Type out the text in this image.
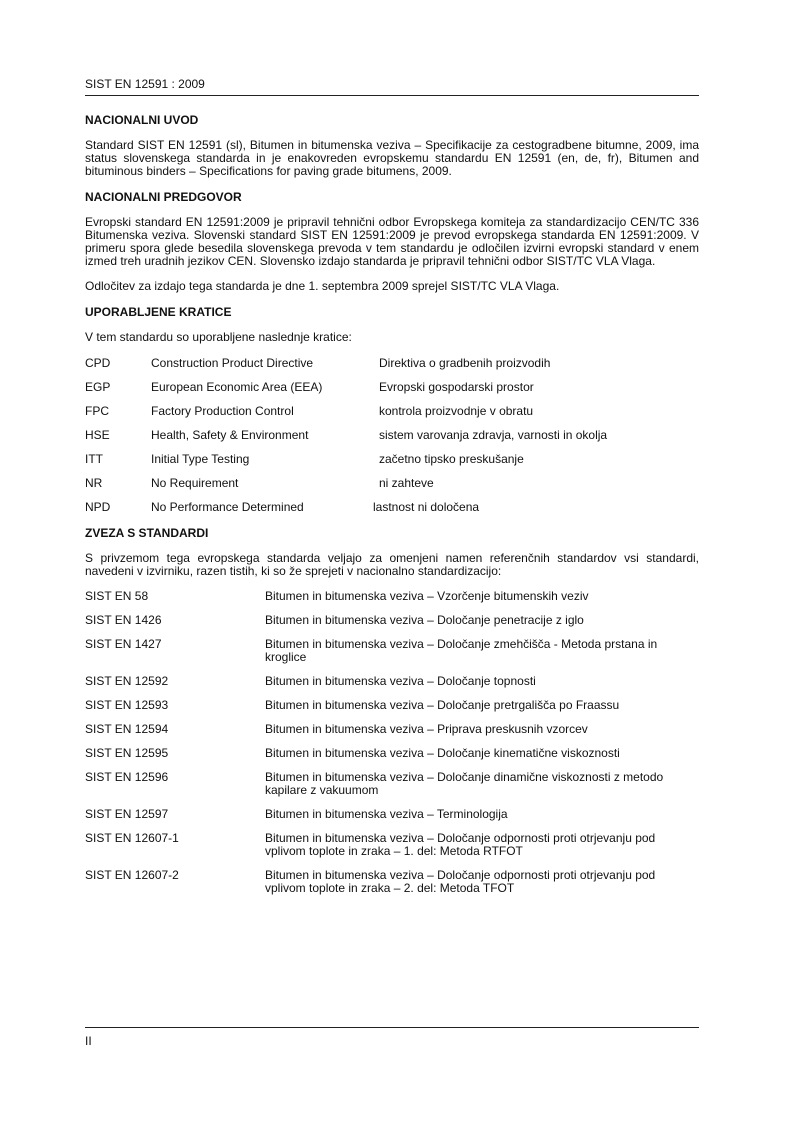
SIST EN 12591 : 2009
NACIONALNI UVOD

Standard SIST EN 12591 (sl), Bitumen in bitumenska veziva – Specifikacije za cestogradbene bitumne, 2009, ima status slovenskega standarda in je enakovreden evropskemu standardu EN 12591 (en, de, fr), Bitumen and bituminous binders – Specifications for paving grade bitumens, 2009.

NACIONALNI PREDGOVOR

Evropski standard EN 12591:2009 je pripravil tehnični odbor Evropskega komiteja za standardizacijo CEN/TC 336 Bitumenska veziva. Slovenski standard SIST EN 12591:2009 je prevod evropskega standarda EN 12591:2009. V primeru spora glede besedila slovenskega prevoda v tem standardu je odločilen izvirni evropski standard v enem izmed treh uradnih jezikov CEN. Slovensko izdajo standarda je pripravil tehnični odbor SIST/TC VLA Vlaga.

Odločitev za izdajo tega standarda je dne 1. septembra 2009 sprejel SIST/TC VLA Vlaga.

UPORABLJENE KRATICE

V tem standardu so uporabljene naslednje kratice:

CPD	Construction Product Directive	Direktiva o gradbenih proizvodih
EGP	European Economic Area (EEA)	Evropski gospodarski prostor
FPC	Factory Production Control	kontrola proizvodnje v obratu
HSE	Health, Safety & Environment	sistem varovanja zdravja, varnosti in okolja
ITT	Initial Type Testing	začetno tipsko preskušanje
NR	No Requirement	ni zahteve
NPD	No Performance Determined	lastnost ni določena
ZVEZA S STANDARDI

S privzemom tega evropskega standarda veljajo za omenjeni namen referenčnih standardov vsi standardi, navedeni v izvirniku, razen tistih, ki so že sprejeti v nacionalno standardizacijo:

SIST EN 58	Bitumen in bitumenska veziva – Vzorčenje bitumenskih veziv
SIST EN 1426	Bitumen in bitumenska veziva – Določanje penetracije z iglo
SIST EN 1427	Bitumen in bitumenska veziva – Določanje zmehčišča - Metoda prstana in kroglice
SIST EN 12592	Bitumen in bitumenska veziva – Določanje topnosti
SIST EN 12593	Bitumen in bitumenska veziva – Določanje pretrgališča po Fraassu
SIST EN 12594	Bitumen in bitumenska veziva – Priprava preskusnih vzorcev
SIST EN 12595	Bitumen in bitumenska veziva – Določanje kinematične viskoznosti
SIST EN 12596	Bitumen in bitumenska veziva – Določanje dinamične viskoznosti z metodo kapilare z vakuumom
SIST EN 12597	Bitumen in bitumenska veziva – Terminologija
SIST EN 12607-1	Bitumen in bitumenska veziva – Določanje odpornosti proti otrjevanju pod vplivom toplote in zraka – 1. del: Metoda RTFOT
SIST EN 12607-2	Bitumen in bitumenska veziva – Določanje odpornosti proti otrjevanju pod vplivom toplote in zraka – 2. del: Metoda TFOT
II
